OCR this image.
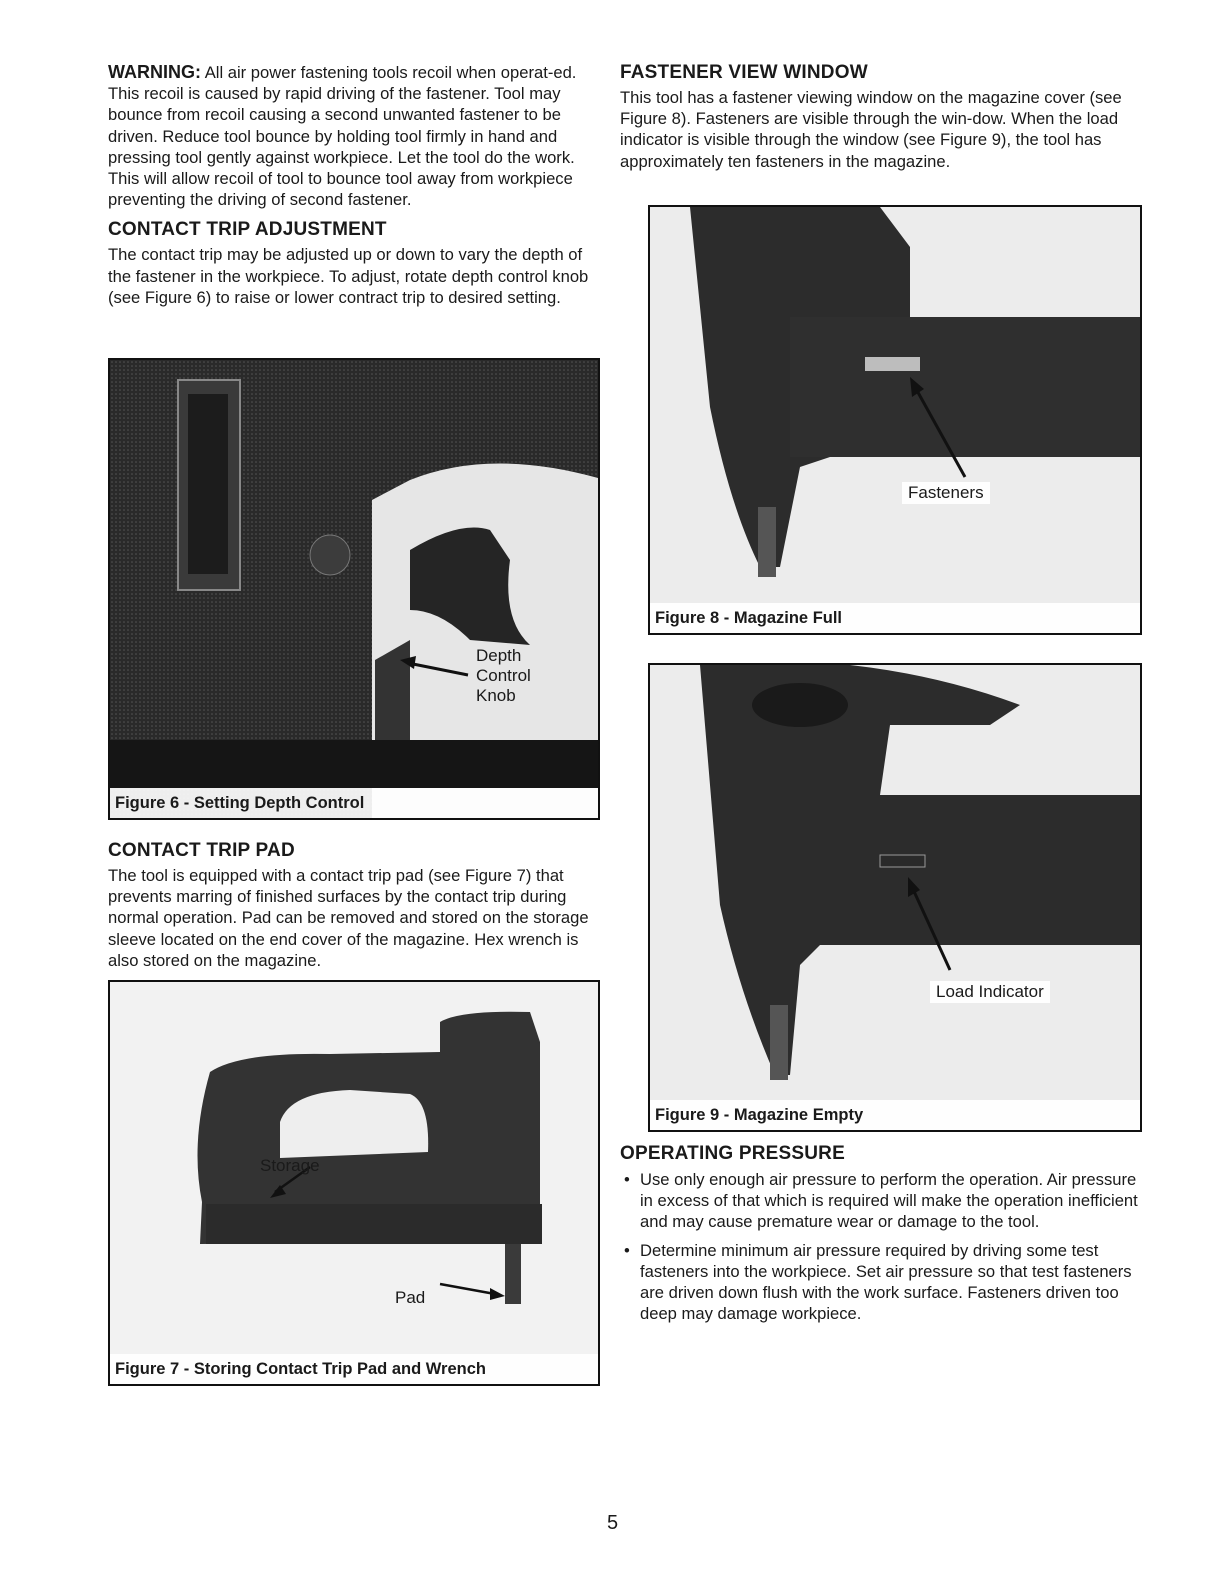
WARNING: All air power fastening tools recoil when operat-ed. This recoil is caused by rapid driving of the fastener. Tool may bounce from recoil causing a second unwanted fastener to be driven. Reduce tool bounce by holding tool firmly in hand and pressing tool gently against workpiece. Let the tool do the work. This will allow recoil of tool to bounce tool away from workpiece preventing the driving of second fastener.

CONTACT TRIP ADJUSTMENT

The contact trip may be adjusted up or down to vary the depth of the fastener in the workpiece. To adjust, rotate depth control knob (see Figure 6) to raise or lower contract trip to desired setting.

Depth
Control
Knob
Figure 6 - Setting Depth Control
CONTACT TRIP PAD

The tool is equipped with a contact trip pad (see Figure 7) that prevents marring of finished surfaces by the contact trip during normal operation. Pad can be removed and stored on the storage sleeve located on the end cover of the magazine. Hex wrench is also stored on the magazine.

Storage
Pad
Figure 7 - Storing Contact Trip Pad and Wrench
FASTENER VIEW WINDOW

This tool has a fastener viewing window on the magazine cover (see Figure 8). Fasteners are visible through the win-dow. When the load indicator is visible through the window (see Figure 9), the tool has approximately ten fasteners in the magazine.

Fasteners
Figure 8 - Magazine Full
Load Indicator
Figure 9 - Magazine Empty
OPERATING PRESSURE
• Use only enough air pressure to perform the operation. Air pressure in excess of that which is required will make the operation inefficient and may cause premature wear or damage to the tool.
• Determine minimum air pressure required by driving some test fasteners into the workpiece. Set air pressure so that test fasteners are driven down flush with the work surface. Fasteners driven too deep may damage workpiece.
5
